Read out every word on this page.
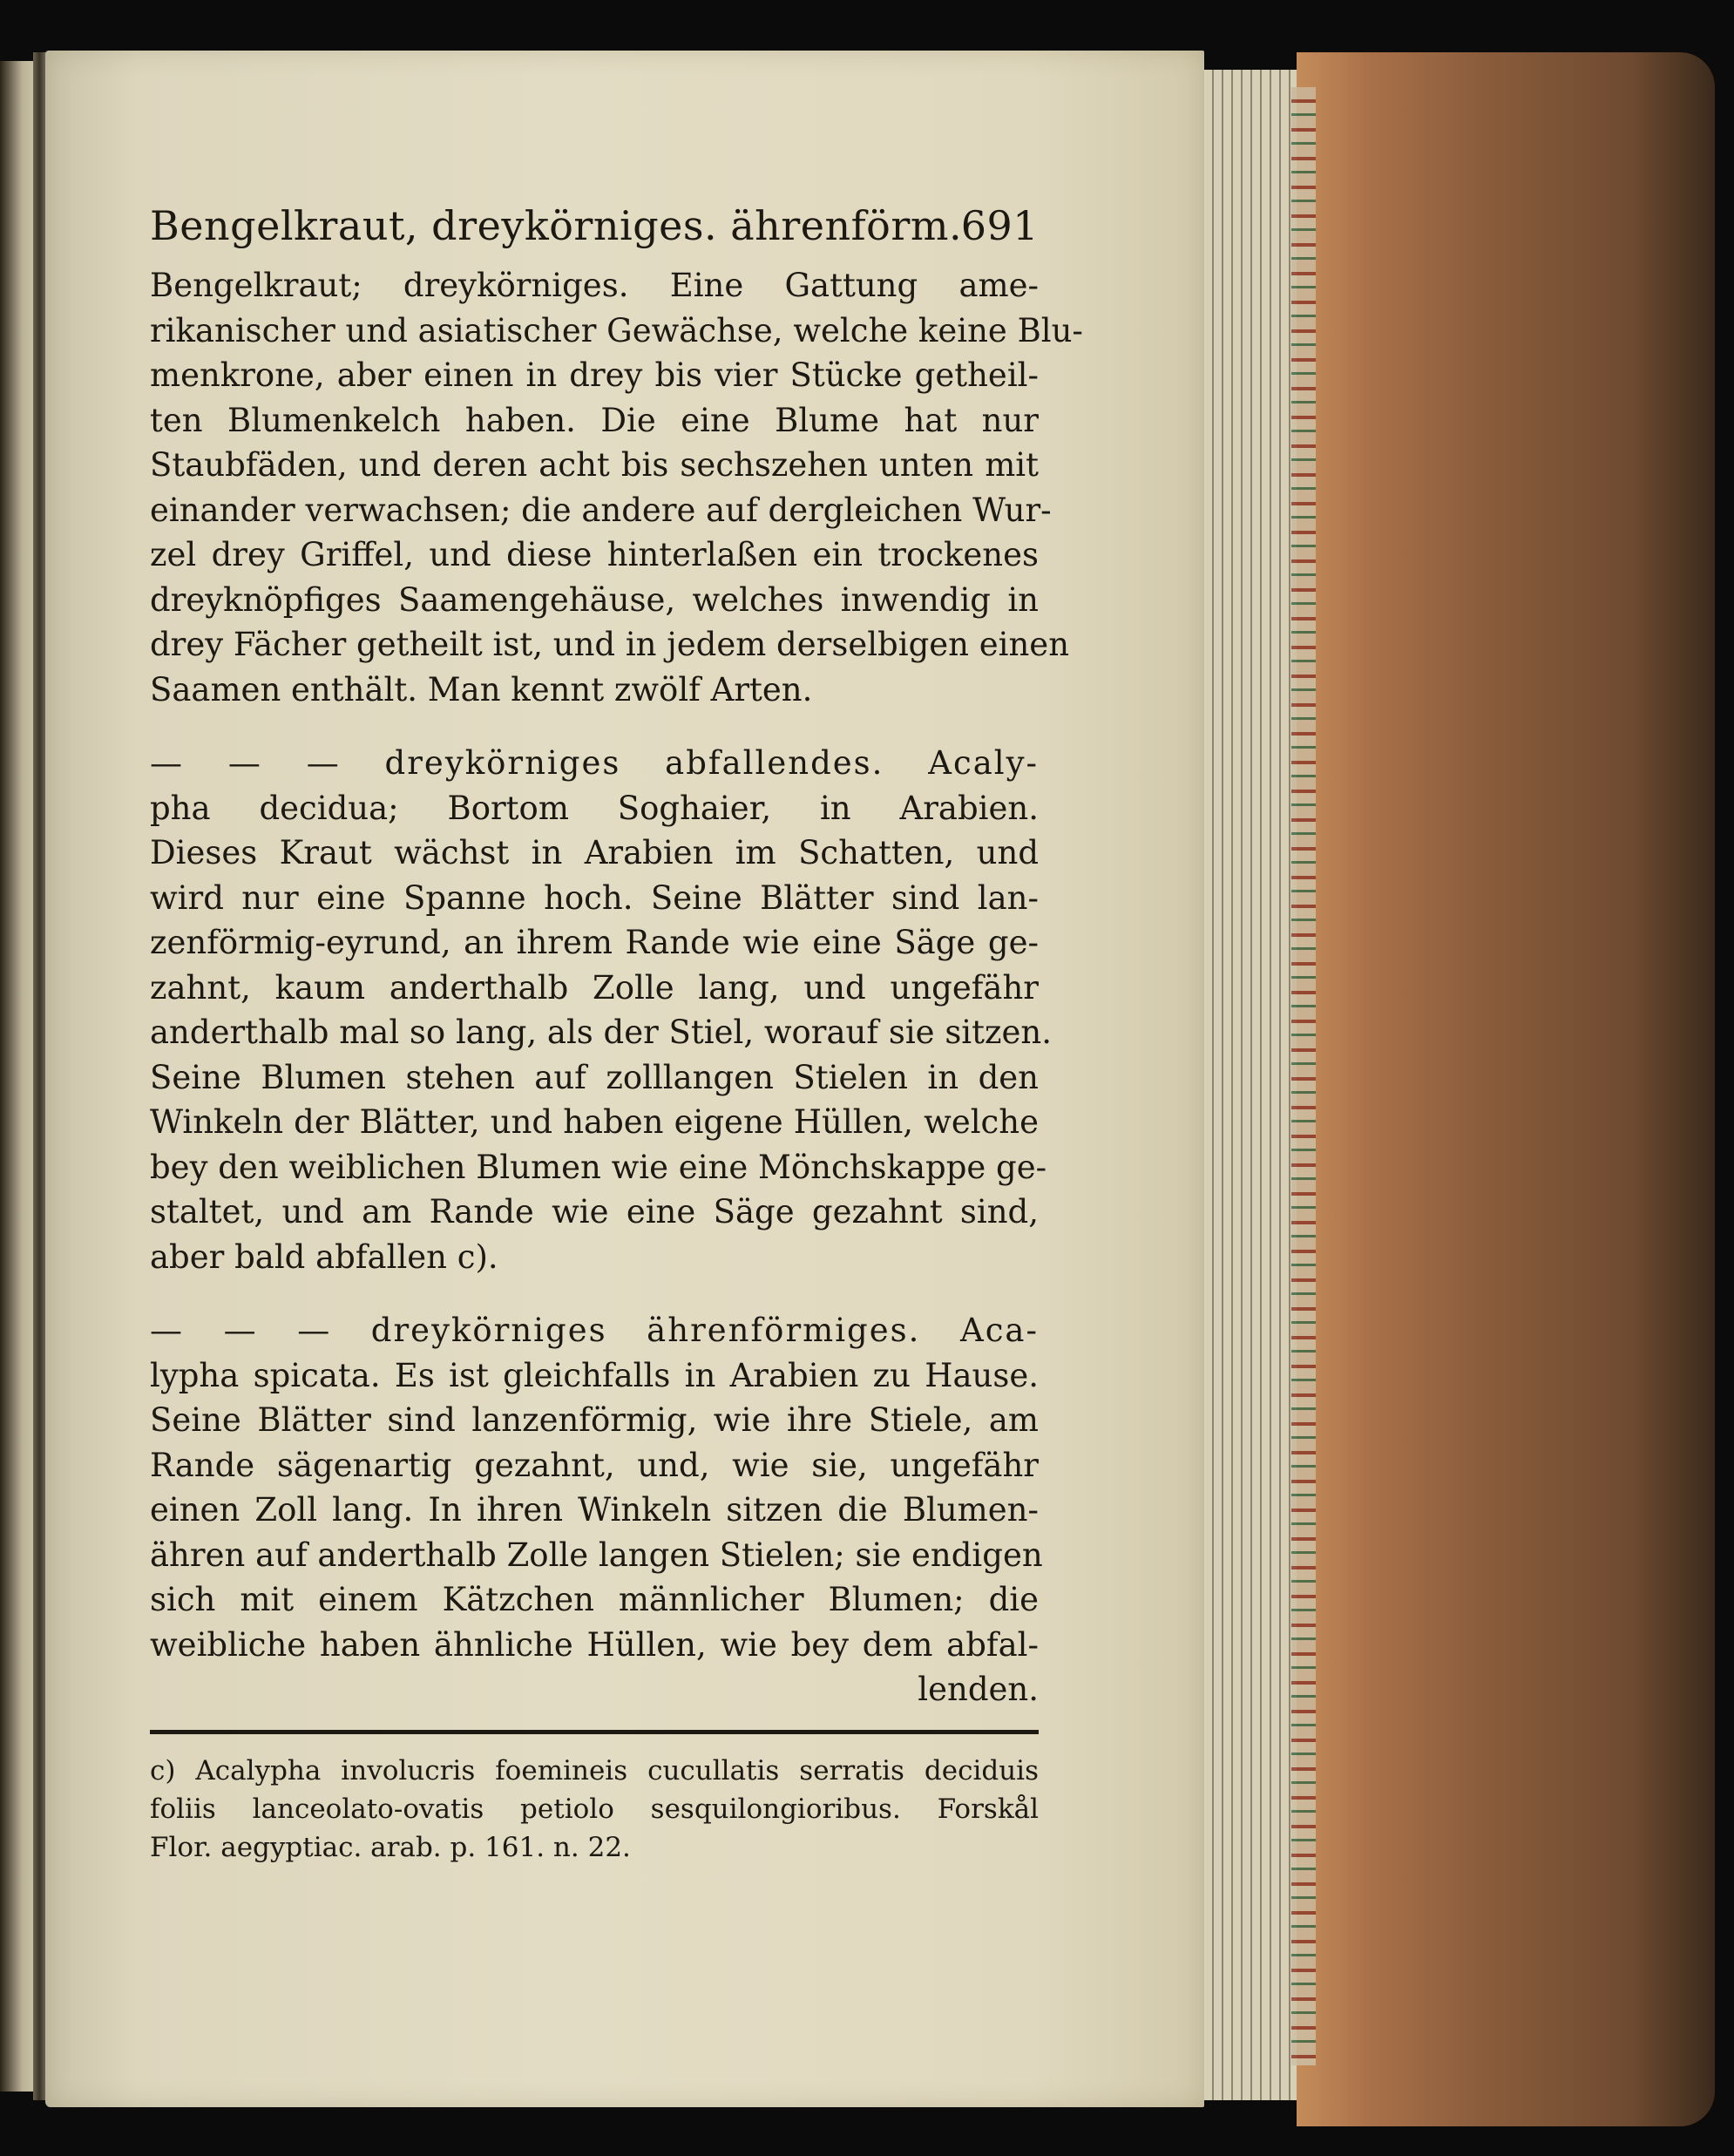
Bengelkraut, dreykörniges. ährenförm.
691
Bengelkraut; dreykörniges. Eine Gattung ame-
rikanischer und asiatischer Gewächse, welche keine Blu-
menkrone, aber einen in drey bis vier Stücke getheil-
ten Blumenkelch haben. Die eine Blume hat nur
Staubfäden, und deren acht bis sechszehen unten mit
einander verwachsen; die andere auf dergleichen Wur-
zel drey Griffel, und diese hinterlaßen ein trockenes
dreyknöpfiges Saamengehäuse, welches inwendig in
drey Fächer getheilt ist, und in jedem derselbigen einen
Saamen enthält. Man kennt zwölf Arten.
— — — dreykörniges abfallendes. Acaly-
pha decidua; Bortom Soghaier, in Arabien.
Dieses Kraut wächst in Arabien im Schatten, und
wird nur eine Spanne hoch. Seine Blätter sind lan-
zenförmig-eyrund, an ihrem Rande wie eine Säge ge-
zahnt, kaum anderthalb Zolle lang, und ungefähr
anderthalb mal so lang, als der Stiel, worauf sie sitzen.
Seine Blumen stehen auf zolllangen Stielen in den
Winkeln der Blätter, und haben eigene Hüllen, welche
bey den weiblichen Blumen wie eine Mönchskappe ge-
staltet, und am Rande wie eine Säge gezahnt sind,
aber bald abfallen c).
— — — dreykörniges ährenförmiges. Aca-
lypha spicata. Es ist gleichfalls in Arabien zu Hause.
Seine Blätter sind lanzenförmig, wie ihre Stiele, am
Rande sägenartig gezahnt, und, wie sie, ungefähr
einen Zoll lang. In ihren Winkeln sitzen die Blumen-
ähren auf anderthalb Zolle langen Stielen; sie endigen
sich mit einem Kätzchen männlicher Blumen; die
weibliche haben ähnliche Hüllen, wie bey dem abfal-
lenden.
c) Acalypha involucris foemineis cucullatis serratis deciduis
foliis lanceolato-ovatis petiolo sesquilongioribus. Forskål
Flor. aegyptiac. arab. p. 161. n. 22.
